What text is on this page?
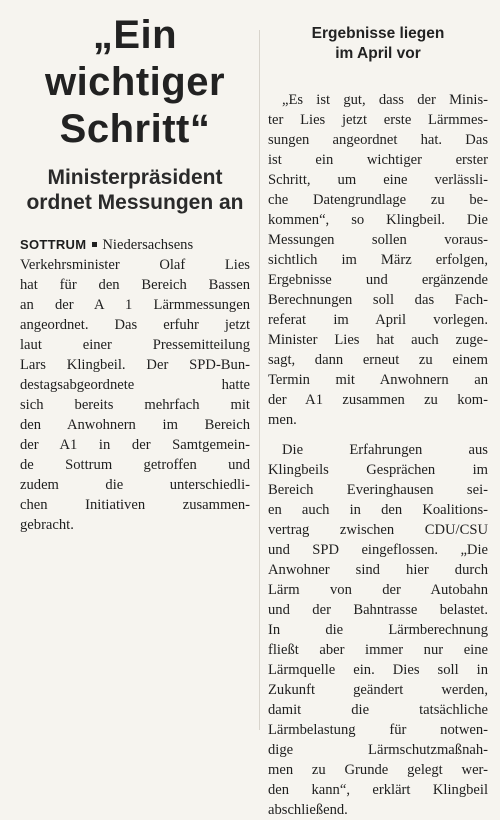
„Ein
wichtiger
Schritt“
Ministerpräsident
ordnet Messungen an
SOTTRUM Niedersachsens
Verkehrsminister Olaf Lies
hat für den Bereich Bassen
an der A 1 Lärmmessungen
angeordnet. Das erfuhr jetzt
laut einer Pressemitteilung
Lars Klingbeil. Der SPD-Bun-
destagsabgeordnete hatte
sich bereits mehrfach mit
den Anwohnern im Bereich
der A1 in der Samtgemein-
de Sottrum getroffen und
zudem die unterschiedli-
chen Initiativen zusammen-
gebracht.
Ergebnisse liegen
im April vor
„Es ist gut, dass der Minis-
ter Lies jetzt erste Lärmmes-
sungen angeordnet hat. Das
ist ein wichtiger erster
Schritt, um eine verlässli-
che Datengrundlage zu be-
kommen“, so Klingbeil. Die
Messungen sollen voraus-
sichtlich im März erfolgen,
Ergebnisse und ergänzende
Berechnungen soll das Fach-
referat im April vorlegen.
Minister Lies hat auch zuge-
sagt, dann erneut zu einem
Termin mit Anwohnern an
der A1 zusammen zu kom-
men.
Die Erfahrungen aus
Klingbeils Gesprächen im
Bereich Everinghausen sei-
en auch in den Koalitions-
vertrag zwischen CDU/CSU
und SPD eingeflossen. „Die
Anwohner sind hier durch
Lärm von der Autobahn
und der Bahntrasse belastet.
In die Lärmberechnung
fließt aber immer nur eine
Lärmquelle ein. Dies soll in
Zukunft geändert werden,
damit die tatsächliche
Lärmbelastung für notwen-
dige Lärmschutzmaßnah-
men zu Grunde gelegt wer-
den kann“, erklärt Klingbeil
abschließend.
